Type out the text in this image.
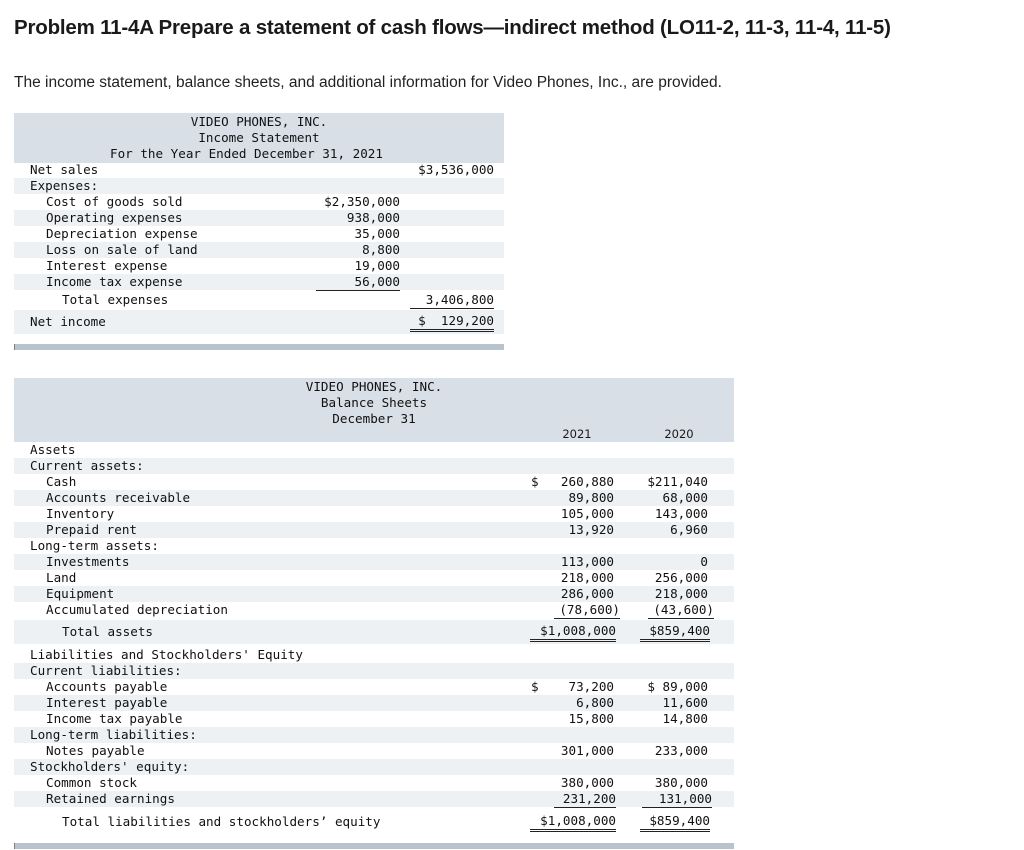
Problem 11-4A Prepare a statement of cash flows—indirect method (LO11-2, 11-3, 11-4, 11-5)

The income statement, balance sheets, and additional information for Video Phones, Inc., are provided.

VIDEO PHONES, INC.
Income Statement
For the Year Ended December 31, 2021
Net sales	$3,536,000
Expenses:
Cost of goods sold	$2,350,000
Operating expenses	938,000
Depreciation expense	35,000
Loss on sale of land	8,800
Interest expense	19,000
Income tax expense	56,000
Total expenses	3,406,800
Net income	$  129,200

VIDEO PHONES, INC.
Balance Sheets
December 31
2021	2020
Assets
Current assets:
Cash	$	260,880	$211,040
Accounts receivable	89,800	68,000
Inventory	105,000	143,000
Prepaid rent	13,920	6,960
Long-term assets:
Investments	113,000	0
Land	218,000	256,000
Equipment	286,000	218,000
Accumulated depreciation	(78,600)	(43,600)
Total assets	$1,008,000	$859,400
Liabilities and Stockholders' Equity
Current liabilities:
Accounts payable	$	73,200	$ 89,000
Interest payable	6,800	11,600
Income tax payable	15,800	14,800
Long-term liabilities:
Notes payable	301,000	233,000
Stockholders' equity:
Common stock	380,000	380,000
Retained earnings	231,200	131,000
Total liabilities and stockholders’ equity	$1,008,000	$859,400
